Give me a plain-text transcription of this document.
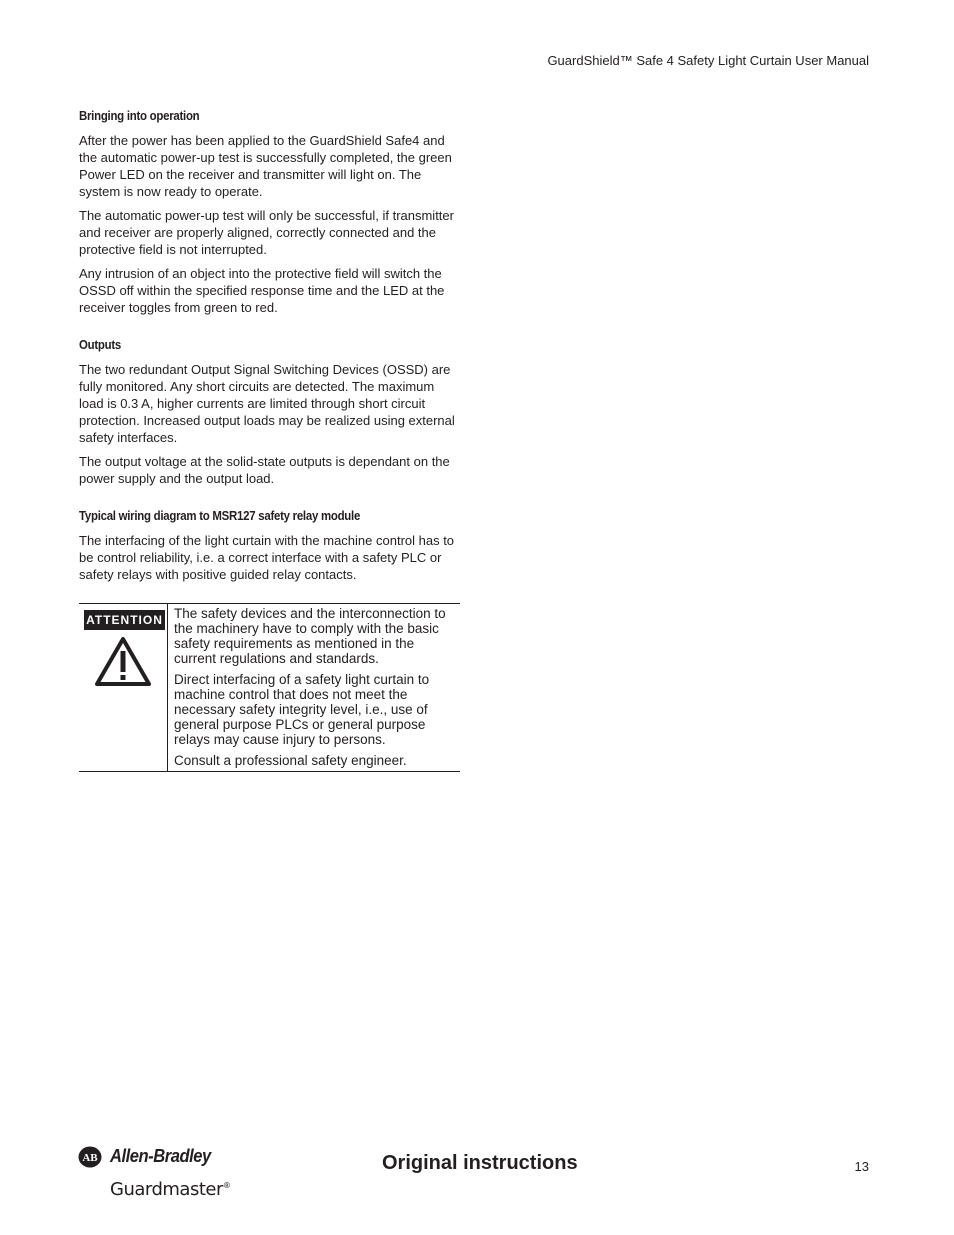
GuardShield™ Safe 4 Safety Light Curtain User Manual
Bringing into operation

After the power has been applied to the GuardShield Safe4 and the automatic power-up test is successfully completed, the green Power LED on the receiver and transmitter will light on. The system is now ready to operate.

The automatic power-up test will only be successful, if transmitter and receiver are properly aligned, correctly connected and the protective field is not interrupted.

Any intrusion of an object into the protective field will switch the OSSD off within the specified response time and the LED at the receiver toggles from green to red.

Outputs

The two redundant Output Signal Switching Devices (OSSD) are fully monitored. Any short circuits are detected. The maximum load is 0.3 A, higher currents are limited through short circuit protection. Increased output loads may be realized using external safety interfaces.

The output voltage at the solid-state outputs is dependant on the power supply and the output load.

Typical wiring diagram to MSR127 safety relay module

The interfacing of the light curtain with the machine control has to be control reliability, i.e. a correct interface with a safety PLC or safety relays with positive guided relay contacts.

ATTENTION The safety devices and the interconnection to the machinery have to comply with the basic safety requirements as mentioned in the current regulations and standards.

Direct interfacing of a safety light curtain to machine control that does not meet the necessary safety integrity level, i.e., use of general purpose PLCs or general purpose relays may cause injury to persons.

Consult a professional safety engineer.

AB Allen-Bradley
Guardmaster®
Original instructions	13
